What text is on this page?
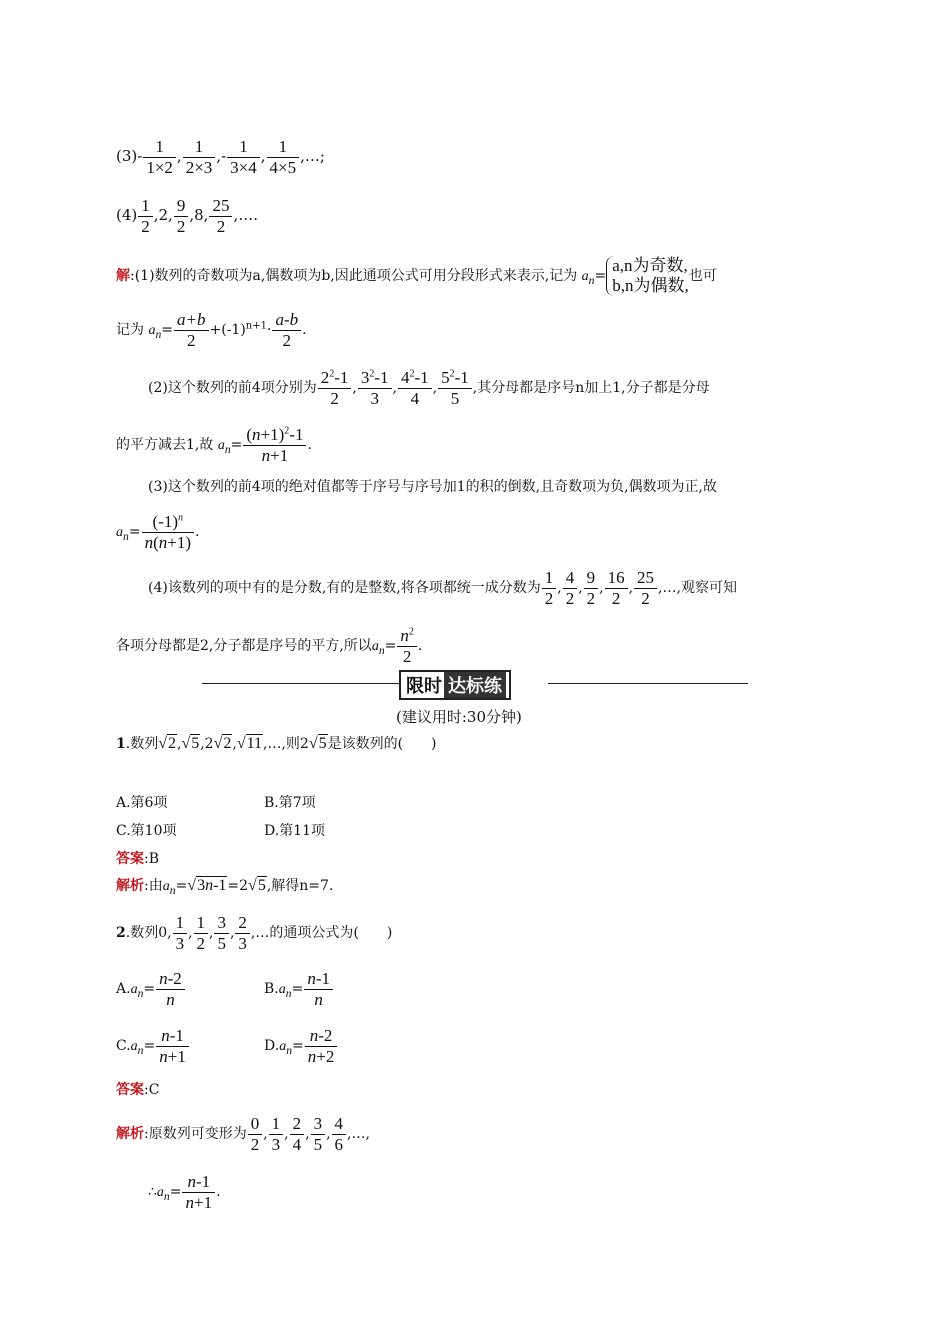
$(3)- \frac{1}{1\times 2}$ , $\frac{1}{2\times 3}$ ,- $\frac{1}{3\times 4}$ , $\frac{1}{4\times 5}$ ,…;
$(4) \frac{1}{2} ,2$, $\frac{9}{2} ,8$, $\frac{25}{2}$ ,….
解:(1)数列的奇数项为a,偶数项为b,因此通项公式可用分段形式来表示,记为 $a_n=$
a,n为奇数,
b,n为偶数, 也可
记为 $a_n= \frac{a+b}{2} +(-1)^{n+1}\cdot \frac{a-b}{2}$ .
(2)这个数列的前4项分别为 $\frac{2^2-1}{2}$ , $\frac{3^2-1}{3}$ , $\frac{4^2-1}{4}$ , $\frac{5^2-1}{5}$ ,其分母都是序号n加上1,分子都是分母
的平方减去1,故 $a_n= \frac{(n+1)^2-1}{n+1}$ .
(3)这个数列的前4项的绝对值都等于序号与序号加1的积的倒数,且奇数项为负,偶数项为正,故
$a_n= \frac{(-1)^n}{n(n+1)}$ .
(4)该数列的项中有的是分数,有的是整数,将各项都统一成分数为 $\frac{1}{2}$ , $\frac{4}{2}$ , $\frac{9}{2}$ , $\frac{16}{2}$ , $\frac{25}{2}$ ,…,观察可知
各项分母都是2,分子都是序号的平方,所以$a_n= \frac{n^2}{2}$ .
限时 达标练
(建议用时:30分钟)
1.数列√2,√5,2√2,√11,…,则2√5是该数列的(　　)
A.第6项	B.第7项
C.第10项	D.第11项
答案:B
解析:由$a_n=√3n-1=2√5$,解得n=7.
2.数列0, $\frac{1}{3}$ , $\frac{1}{2}$ , $\frac{3}{5}$ , $\frac{2}{3}$ ,…的通项公式为(　　)
$A.a_n= \frac{n-2}{n}$	$B.a_n= \frac{n-1}{n}$
$C.a_n= \frac{n-1}{n+1}$	$D.a_n= \frac{n-2}{n+2}$
答案:C
解析:原数列可变形为 $\frac{0}{2}$ , $\frac{1}{3}$ , $\frac{2}{4}$ , $\frac{3}{5}$ , $\frac{4}{6}$ ,…,
$\therefore a_n= \frac{n-1}{n+1}$ .
